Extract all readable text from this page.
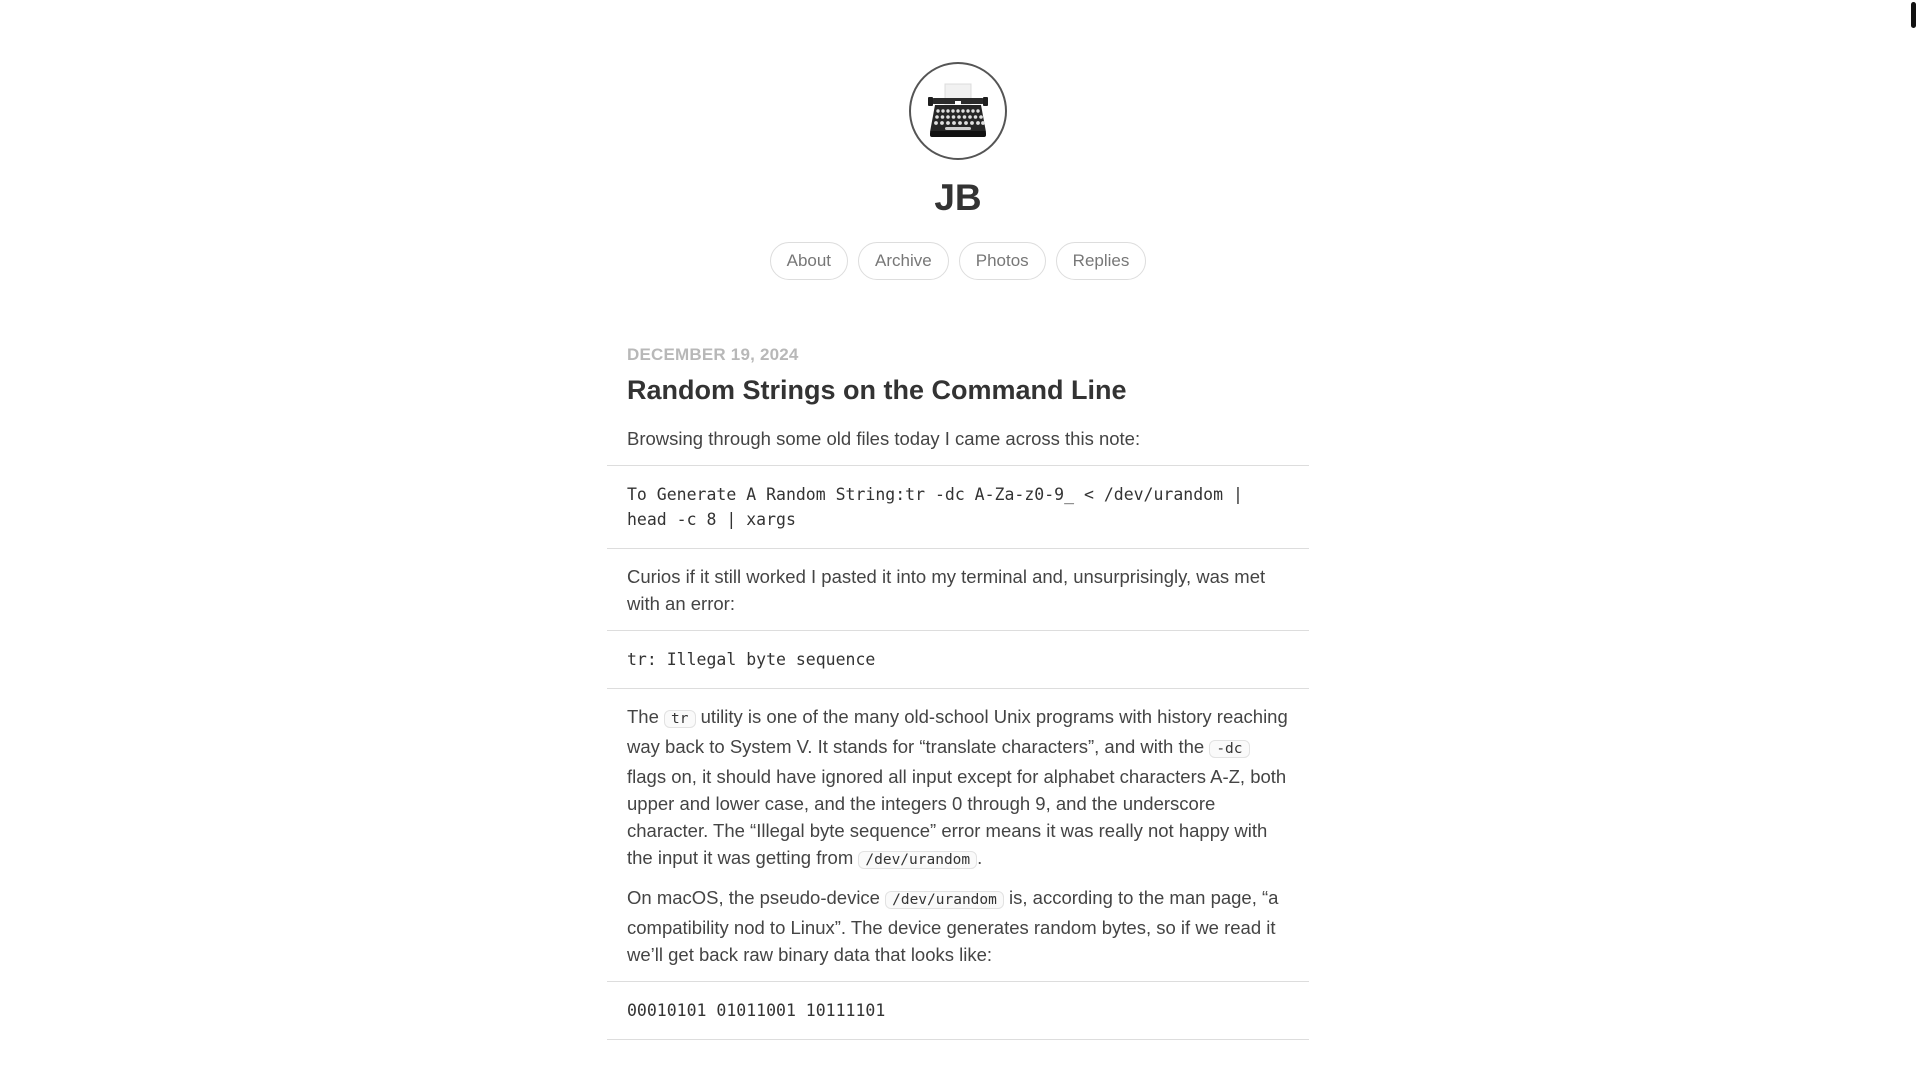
JB
About	Archive	Photos	Replies
DECEMBER 19, 2024
Random Strings on the Command Line

Browsing through some old files today I came across this note:

To Generate A Random String:tr -dc A-Za-z0-9_ < /dev/urandom | head -c 8 | xargs

Curios if it still worked I pasted it into my terminal and, unsurprisingly, was met with an error:

tr: Illegal byte sequence

The tr utility is one of the many old-school Unix programs with history reaching way back to System V. It stands for “translate characters”, and with the -dc flags on, it should have ignored all input except for alphabet characters A-Z, both upper and lower case, and the integers 0 through 9, and the underscore character. The “Illegal byte sequence” error means it was really not happy with the input it was getting from /dev/urandom .

On macOS, the pseudo-device /dev/urandom is, according to the man page, “a compatibility nod to Linux”. The device generates random bytes, so if we read it we’ll get back raw binary data that looks like:

00010101 01011001 10111101
